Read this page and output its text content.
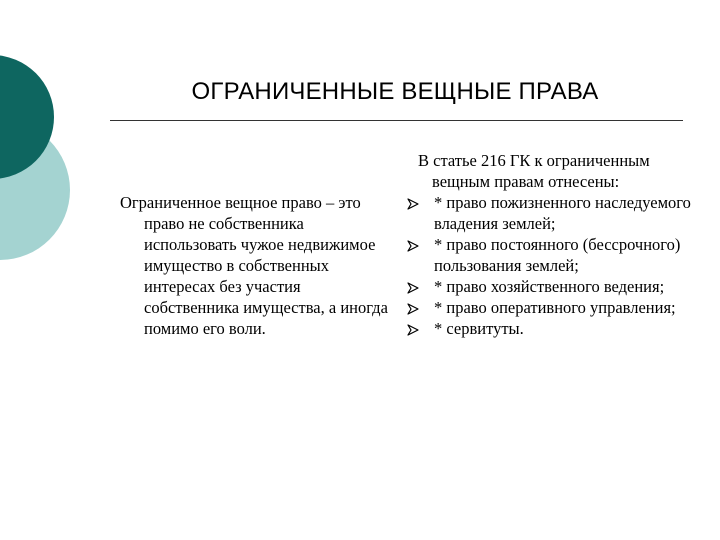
ОГРАНИЧЕННЫЕ ВЕЩНЫЕ ПРАВА

Ограниченное вещное право – это право не собственника использовать чужое недвижимое имущество в собственных интересах без участия собственника имущества, а иногда помимо его воли.

В статье 216 ГК к ограниченным вещным правам отнесены:

* право пожизненного наследуемого владения землей;
* право постоянного (бессрочного) пользования землей;
* право хозяйственного ведения;
* право оперативного управления;
* сервитуты.
